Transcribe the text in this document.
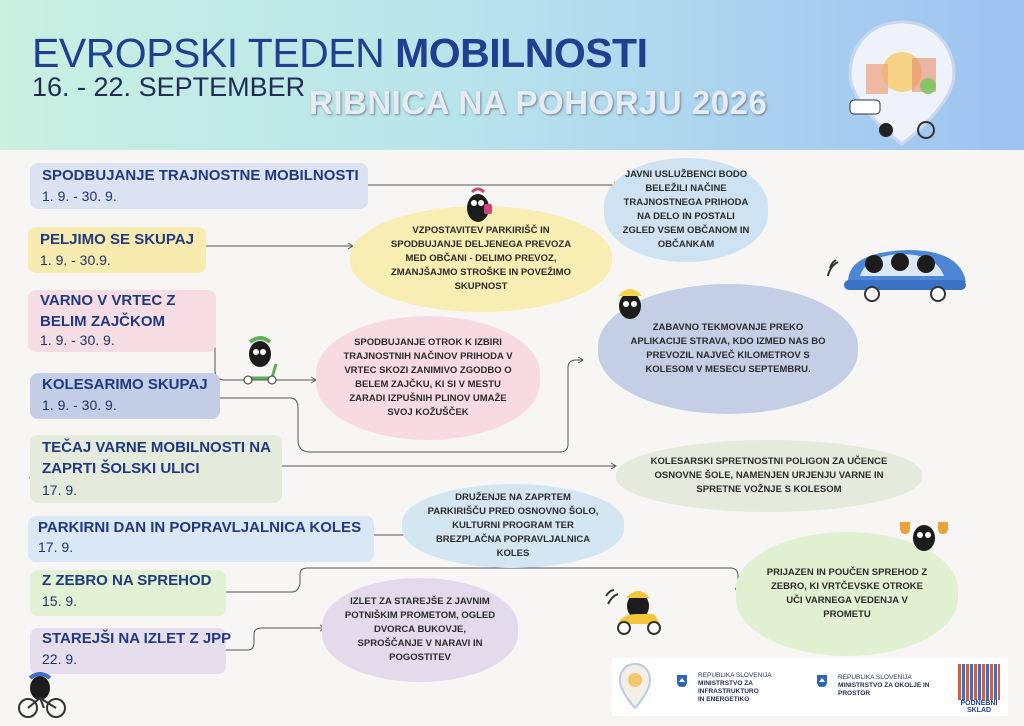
EVROPSKI TEDEN MOBILNOSTI
16. - 22. SEPTEMBER RIBNICA NA POHORJU 2026
SPODBUJANJE TRAJNOSTNE MOBILNOSTI
1. 9. - 30. 9.
PELJIMO SE SKUPAJ
1. 9. - 30.9.
VARNO V VRTEC Z BELIM ZAJČKOM
1. 9. - 30. 9.
KOLESARIMO SKUPAJ
1. 9. - 30. 9.
TEČAJ VARNE MOBILNOSTI NA ZAPRTI ŠOLSKI ULICI
17. 9.
PARKIRNI DAN IN POPRAVLJALNICA KOLES
17. 9.
Z ZEBRO NA SPREHOD
15. 9.
STAREJŠI NA IZLET Z JPP
22. 9.
JAVNI USLUŽBENCI BODO BELEŽILI NAČINE TRAJNOSTNEGA PRIHODA NA DELO IN POSTALI ZGLED VSEM OBČANOM IN OBČANKAM
VZPOSTAVITEV PARKIRIŠČ IN SPODBUJANJE DELJENEGA PREVOZA MED OBČANI - DELIMO PREVOZ, ZMANJŠAJMO STROŠKE IN POVEŽIMO SKUPNOST
SPODBUJANJE OTROK K IZBIRI TRAJNOSTNIH NAČINOV PRIHODA V VRTEC SKOZI ZANIMIVO ZGODBO O BELEM ZAJČKU, KI SI V MESTU ZARADI IZPUŠNIH PLINOV UMAŽE SVOJ KOŽUŠČEK
ZABAVNO TEKMOVANJE PREKO APLIKACIJE STRAVA, KDO IZMED NAS BO PREVOZIL NAJVEČ KILOMETROV S KOLESOM V MESECU SEPTEMBRU.
KOLESARSKI SPRETNOSTNI POLIGON ZA UČENCE OSNOVNE ŠOLE, NAMENJEN URJENJU VARNE IN SPRETNE VOŽNJE S KOLESOM
DRUŽENJE NA ZAPRTEM PARKIRIŠČU PRED OSNOVNO ŠOLO, KULTURNI PROGRAM TER BREZPLAČNA POPRAVLJALNICA KOLES
PRIJAZEN IN POUČEN SPREHOD Z ZEBRO, KI VRTČEVSKE OTROKE UČI VARNEGA VEDENJA V PROMETU
IZLET ZA STAREJŠE Z JAVNIM POTNIŠKIM PROMETOM, OGLED DVORCA BUKOVJE, SPROŠČANJE V NARAVI IN POGOSTITEV
REPUBLIKA SLOVENIJA
MINISTRSTVO ZA INFRASTRUKTURO
IN ENERGETIKO
REPUBLIKA SLOVENIJA
MINISTRSTVO ZA OKOLJE IN PROSTOR
PODNEBNI
SKLAD
